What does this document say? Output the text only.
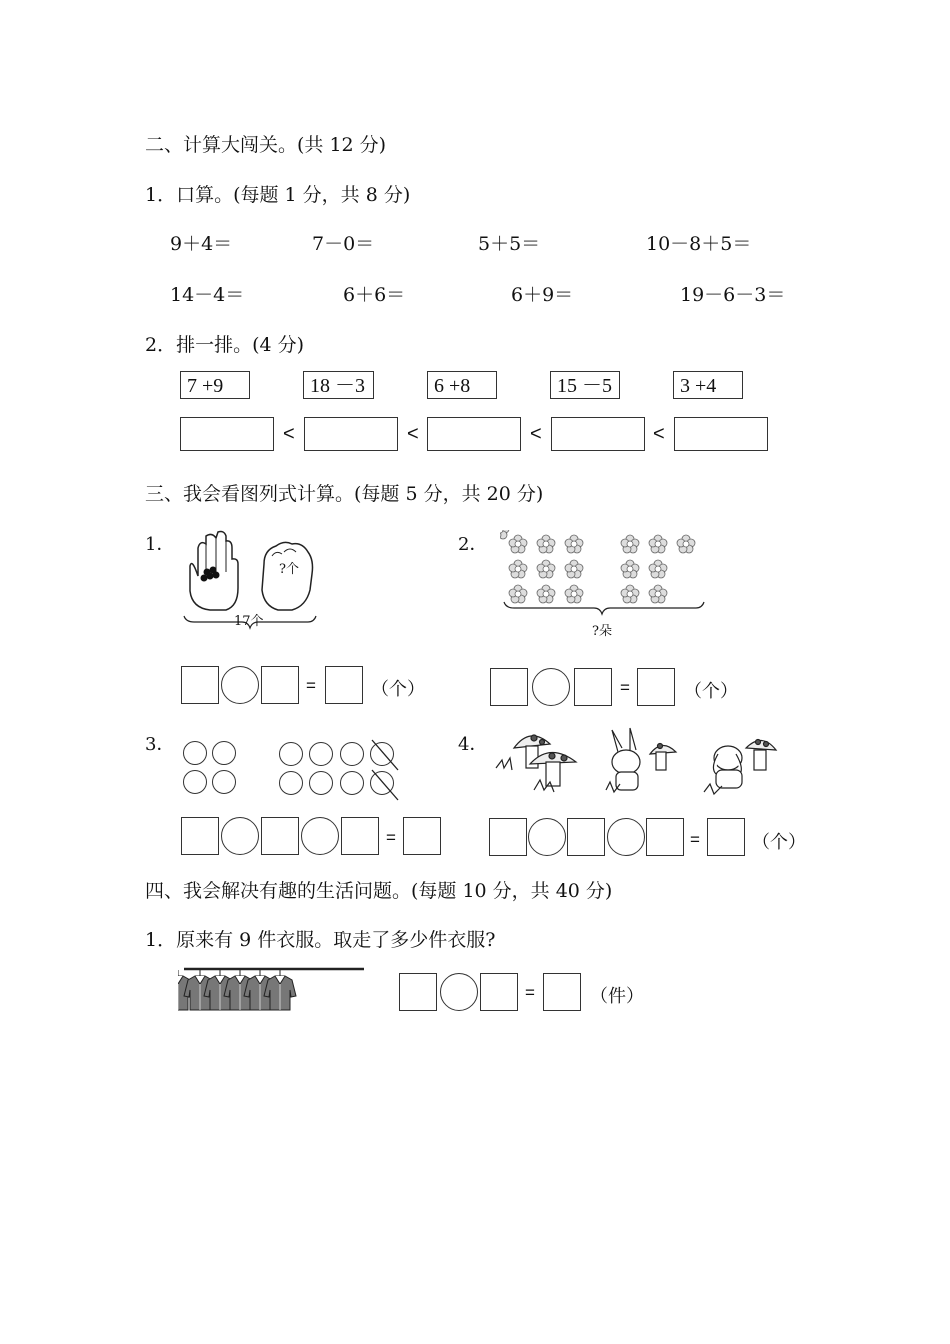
二、计算大闯关。(共 12 分)
1．口算。(每题 1 分，共 8 分)
9＋4＝	7－0＝	5＋5＝	10－8＋5＝
14－4＝	6＋6＝	6＋9＝	19－6－3＝
2．排一排。(4 分)
7 +9	18 －3	6 +8	15 －5	3 +4
<	<	<	<
三、我会看图列式计算。(每题 5 分，共 20 分)
1．
?个
17个
=	（个）
2．
?朵
=	（个）
3．
=
4．
=	（个）
四、我会解决有趣的生活问题。(每题 10 分，共 40 分)
1．原来有 9 件衣服。取走了多少件衣服?
=	（件）
